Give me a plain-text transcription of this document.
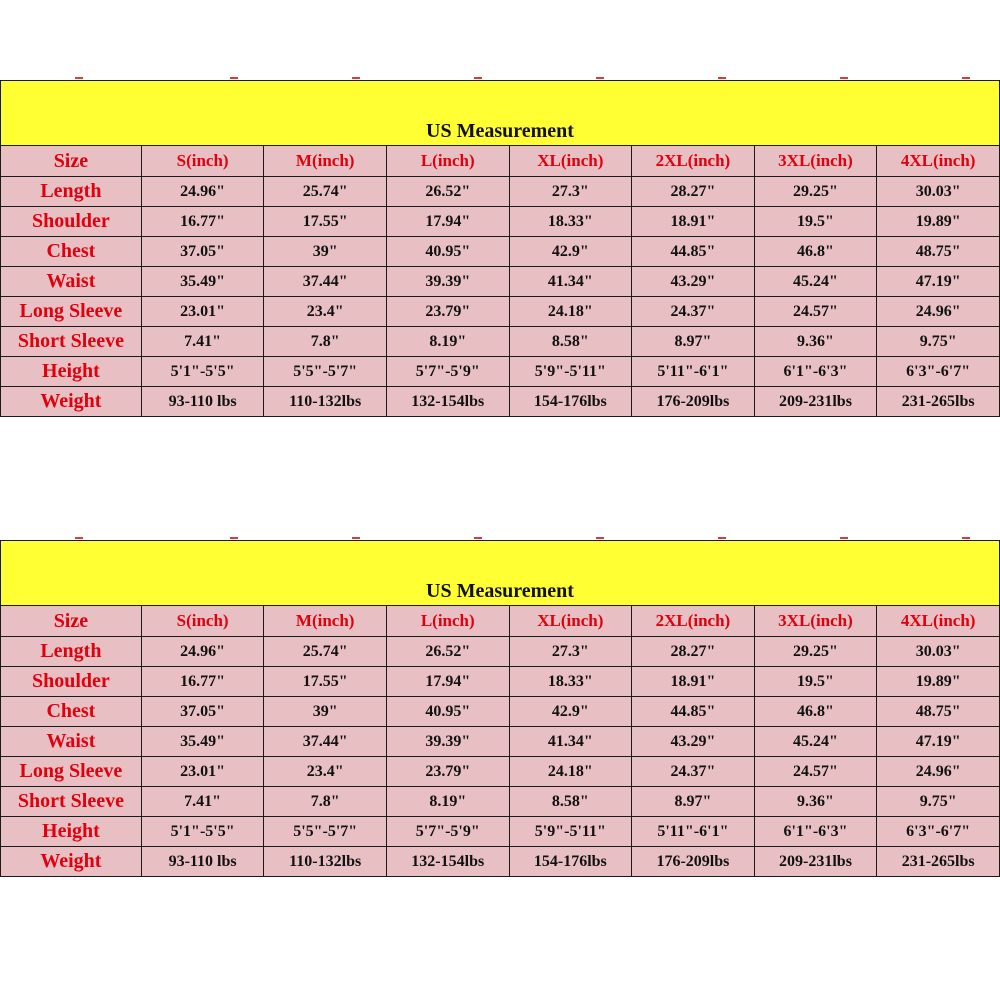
US Measurement							
Size	S(inch)	M(inch)	L(inch)	XL(inch)	2XL(inch)	3XL(inch)	4XL(inch)
Length	24.96"	25.74"	26.52"	27.3"	28.27"	29.25"	30.03"
Shoulder	16.77"	17.55"	17.94"	18.33"	18.91"	19.5"	19.89"
Chest	37.05"	39"	40.95"	42.9"	44.85"	46.8"	48.75"
Waist	35.49"	37.44"	39.39"	41.34"	43.29"	45.24"	47.19"
Long Sleeve	23.01"	23.4"	23.79"	24.18"	24.37"	24.57"	24.96"
Short Sleeve	7.41"	7.8"	8.19"	8.58"	8.97"	9.36"	9.75"
Height	5'1"-5'5"	5'5"-5'7"	5'7"-5'9"	5'9"-5'11"	5'11"-6'1"	6'1"-6'3"	6'3"-6'7"
Weight	93-110 lbs	110-132lbs	132-154lbs	154-176lbs	176-209lbs	209-231lbs	231-265lbs
US Measurement							
Size	S(inch)	M(inch)	L(inch)	XL(inch)	2XL(inch)	3XL(inch)	4XL(inch)
Length	24.96"	25.74"	26.52"	27.3"	28.27"	29.25"	30.03"
Shoulder	16.77"	17.55"	17.94"	18.33"	18.91"	19.5"	19.89"
Chest	37.05"	39"	40.95"	42.9"	44.85"	46.8"	48.75"
Waist	35.49"	37.44"	39.39"	41.34"	43.29"	45.24"	47.19"
Long Sleeve	23.01"	23.4"	23.79"	24.18"	24.37"	24.57"	24.96"
Short Sleeve	7.41"	7.8"	8.19"	8.58"	8.97"	9.36"	9.75"
Height	5'1"-5'5"	5'5"-5'7"	5'7"-5'9"	5'9"-5'11"	5'11"-6'1"	6'1"-6'3"	6'3"-6'7"
Weight	93-110 lbs	110-132lbs	132-154lbs	154-176lbs	176-209lbs	209-231lbs	231-265lbs
